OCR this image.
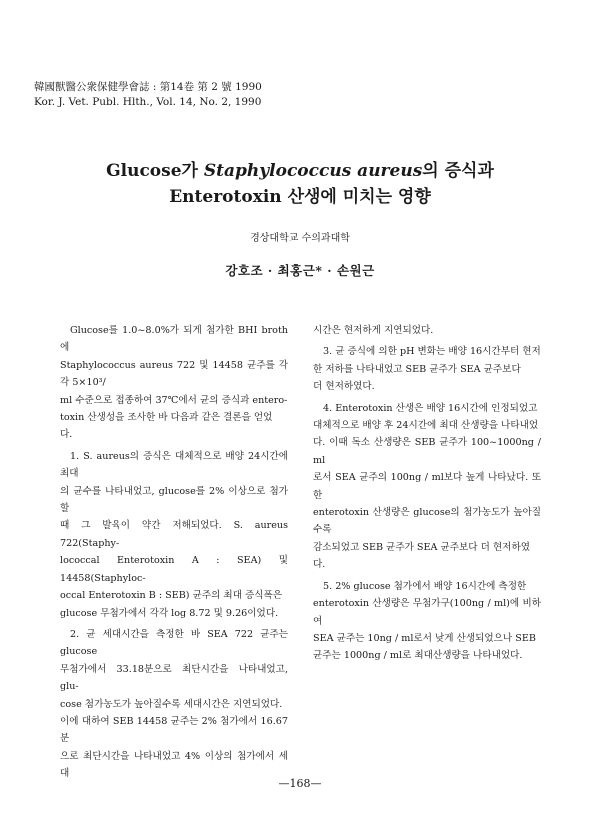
韓國獸醫公衆保健學會誌 : 第14卷 第 2 號 1990
Kor. J. Vet. Publ. Hlth., Vol. 14, No. 2, 1990
Glucose가 Staphylococcus aureus의 증식과
Enterotoxin 산생에 미치는 영향
경상대학교 수의과대학
강호조 · 최홍근* · 손원근
Glucose를 1.0~8.0%가 되게 첨가한 BHI broth에
Staphylococcus aureus 722 및 14458 균주를 각각 5×10³/
ml 수준으로 접종하여 37℃에서 균의 증식과 entero-
toxin 산생성을 조사한 바 다음과 같은 결론을 얻었
다.
1. S. aureus의 증식은 대체적으로 배양 24시간에 최대
의 균수를 나타내었고, glucose를 2% 이상으로 첨가할
때 그 발육이 약간 저해되었다. S. aureus 722(Staphy-
lococcal Enterotoxin A : SEA) 및 14458(Staphyloc-
occal Enterotoxin B : SEB) 균주의 최대 증식폭은
glucose 무첨가에서 각각 log 8.72 및 9.26이었다.
2. 균 세대시간을 측정한 바 SEA 722 균주는 glucose
무첨가에서 33.18분으로 최단시간을 나타내었고, glu-
cose 첨가농도가 높아질수록 세대시간은 지연되었다.
이에 대하여 SEB 14458 균주는 2% 첨가에서 16.67분
으로 최단시간을 나타내었고 4% 이상의 첨가에서 세대
시간은 현저하게 지연되었다.
3. 균 증식에 의한 pH 변화는 배양 16시간부터 현저
한 저하를 나타내었고 SEB 균주가 SEA 균주보다
더 현저하였다.
4. Enterotoxin 산생은 배양 16시간에 인정되었고
대체적으로 배양 후 24시간에 최대 산생량을 나타내었
다. 이때 독소 산생량은 SEB 균주가 100~1000ng / ml
로서 SEA 균주의 100ng / ml보다 높게 나타났다. 또한
enterotoxin 산생량은 glucose의 첨가농도가 높아질수록
감소되었고 SEB 균주가 SEA 균주보다 더 현저하였
다.
5. 2% glucose 첨가에서 배양 16시간에 측정한
enterotoxin 산생량은 무첨가구(100ng / ml)에 비하여
SEA 균주는 10ng / ml로서 낮게 산생되었으나 SEB
균주는 1000ng / ml로 최대산생량을 나타내었다.
—168—
